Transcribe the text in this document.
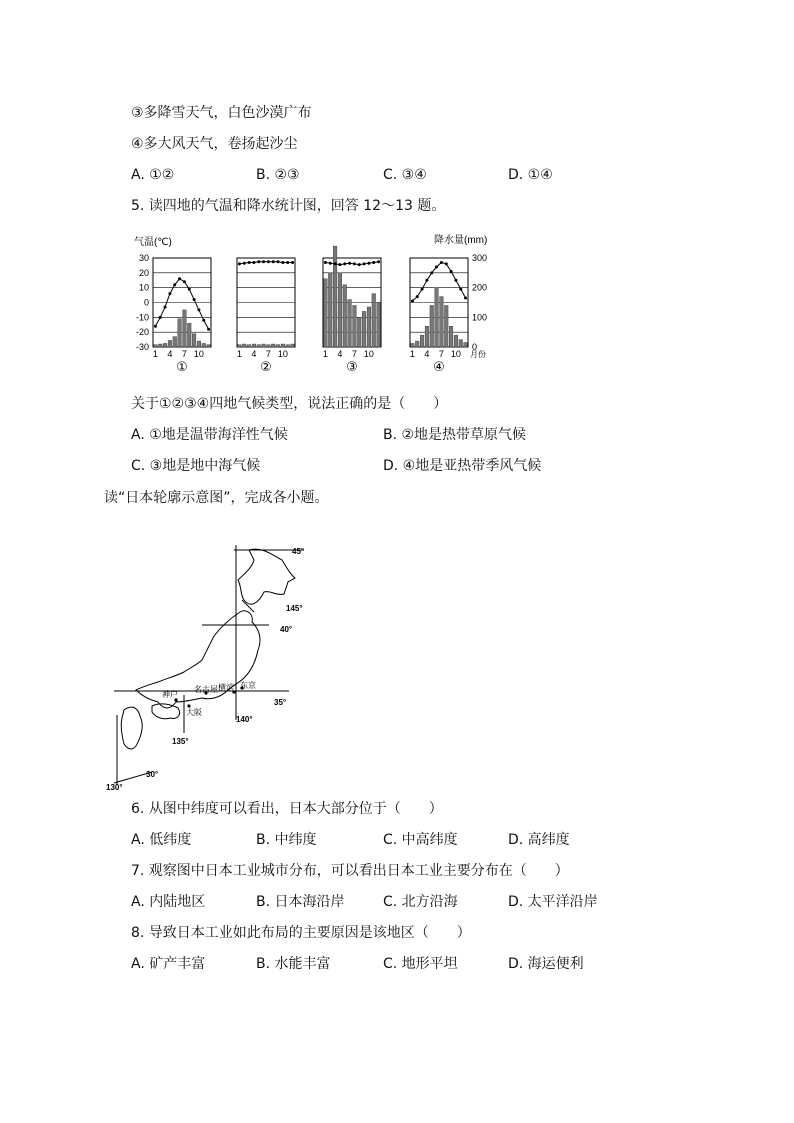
③多降雪天气，白色沙漠广布
④多大风天气，卷扬起沙尘
A. ①②	B. ②③	C. ③④	D. ①④
5. 读四地的气温和降水统计图，回答 12～13 题。
气温(℃)	降水量(mm)
30
20
10
0
-10
-20
-30
300
200
100
0
1 4 7 10
①
1 4 7 10
②
1 4 7 10
③
1 4 7 10
④
月份
关于①②③④四地气候类型，说法正确的是（　　）
A. ①地是温带海洋性气候	B. ②地是热带草原气候
C. ③地是地中海气候	D. ④地是亚热带季风气候
读“日本轮廓示意图”，完成各小题。
45°
145°
40°
35°
140°
135°
30°
130°
神户
名古屋 横滨 东京
大阪
6. 从图中纬度可以看出，日本大部分位于（　　）
A. 低纬度	B. 中纬度	C. 中高纬度	D. 高纬度
7. 观察图中日本工业城市分布，可以看出日本工业主要分布在（　　）
A. 内陆地区	B. 日本海沿岸	C. 北方沿海	D. 太平洋沿岸
8. 导致日本工业如此布局的主要原因是该地区（　　）
A. 矿产丰富	B. 水能丰富	C. 地形平坦	D. 海运便利
